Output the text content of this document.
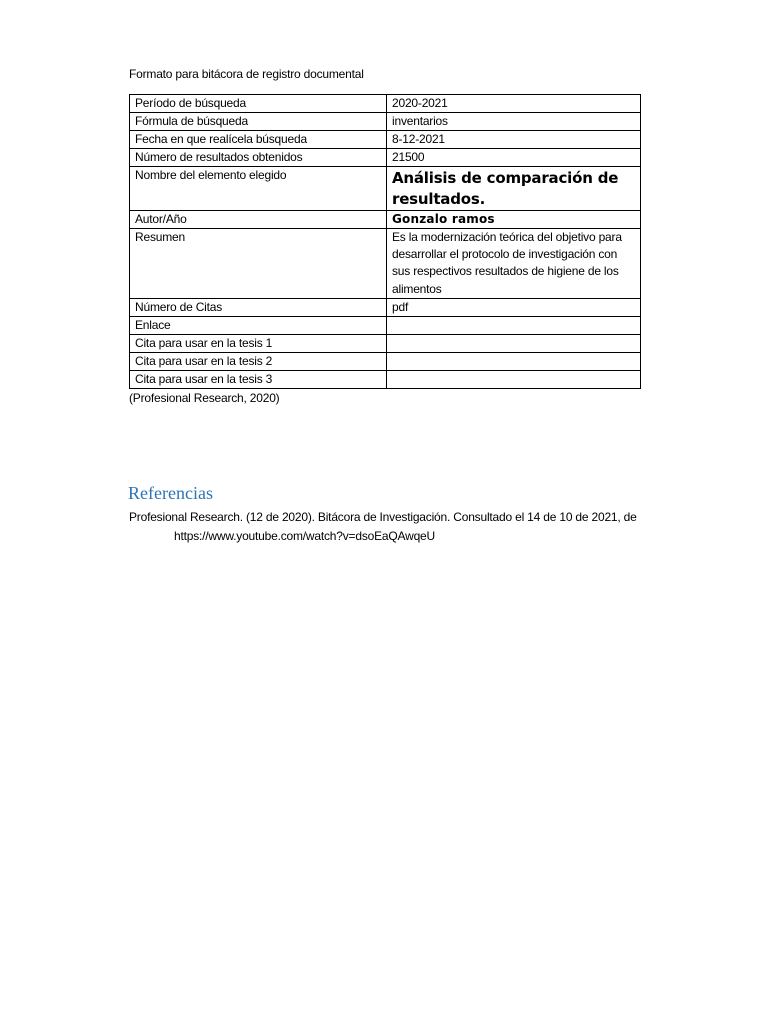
Formato para bitácora de registro documental
Período de búsqueda	2020-2021
Fórmula de búsqueda	inventarios
Fecha en que realícela búsqueda	8-12-2021
Número de resultados obtenidos	21500
Nombre del elemento elegido	Análisis de comparación de resultados.
Autor/Año	Gonzalo ramos
Resumen	Es la modernización teórica del objetivo para desarrollar el protocolo de investigación con sus respectivos resultados de higiene de los alimentos
Número de Citas	pdf
Enlace	
Cita para usar en la tesis 1	
Cita para usar en la tesis 2	
Cita para usar en la tesis 3	
(Profesional Research, 2020)
Referencias
Profesional Research. (12 de 2020). Bitácora de Investigación. Consultado el 14 de 10 de 2021, de https://www.youtube.com/watch?v=dsoEaQAwqeU
